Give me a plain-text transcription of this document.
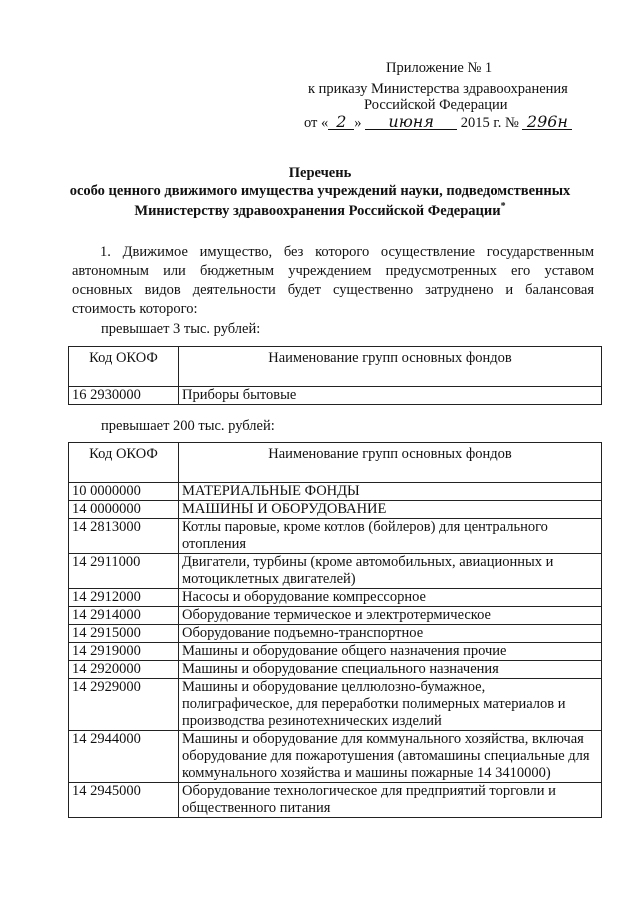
Приложение № 1
к приказу Министерства здравоохранения
Российской Федерации
от « 2 » июня 2015 г. № 296н
Перечень
особо ценного движимого имущества учреждений науки, подведомственных
Министерству здравоохранения Российской Федерации*
1. Движимое имущество, без которого осуществление государственным автономным или бюджетным учреждением предусмотренных его уставом основных видов деятельности будет существенно затруднено и балансовая стоимость которого:
превышает 3 тыс. рублей:
Код ОКОФ	Наименование групп основных фондов
16 2930000	Приборы бытовые
превышает 200 тыс. рублей:
Код ОКОФ	Наименование групп основных фондов
10 0000000	МАТЕРИАЛЬНЫЕ ФОНДЫ
14 0000000	МАШИНЫ И ОБОРУДОВАНИЕ
14 2813000	Котлы паровые, кроме котлов (бойлеров) для центрального отопления
14 2911000	Двигатели, турбины (кроме автомобильных, авиационных и мотоциклетных двигателей)
14 2912000	Насосы и оборудование компрессорное
14 2914000	Оборудование термическое и электротермическое
14 2915000	Оборудование подъемно-транспортное
14 2919000	Машины и оборудование общего назначения прочие
14 2920000	Машины и оборудование специального назначения
14 2929000	Машины и оборудование целлюлозно-бумажное, полиграфическое, для переработки полимерных материалов и производства резинотехнических изделий
14 2944000	Машины и оборудование для коммунального хозяйства, включая оборудование для пожаротушения (автомашины специальные для коммунального хозяйства и машины пожарные 14 3410000)
14 2945000	Оборудование технологическое для предприятий торговли и общественного питания
